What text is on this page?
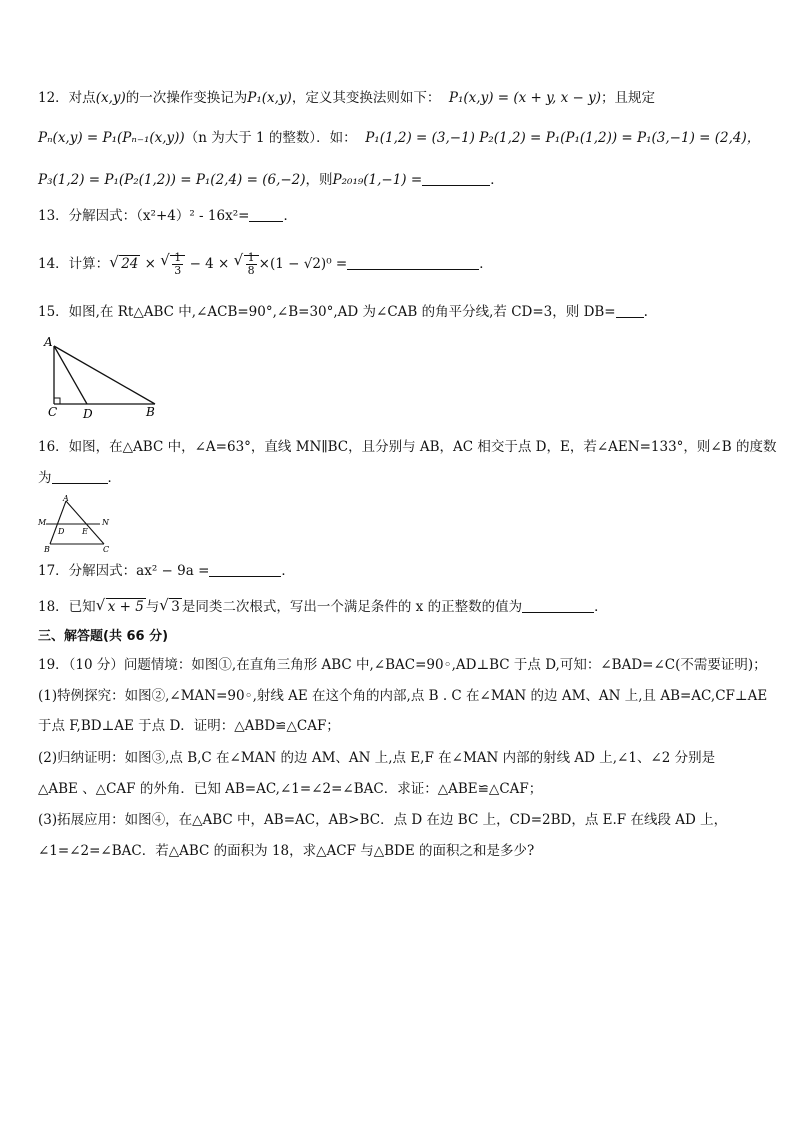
12．对点(x,y)的一次操作变换记为P₁(x,y)，定义其变换法则如下： P₁(x,y) = (x + y, x − y)；且规定
Pₙ(x,y) = P₁(Pₙ₋₁(x,y))（n 为大于 1 的整数）．如： P₁(1,2) = (3,−1) P₂(1,2) = P₁(P₁(1,2)) = P₁(3,−1) = (2,4)，
P₃(1,2) = P₁(P₂(1,2)) = P₁(2,4) = (6,−2)，则P₂₀₁₉(1,−1) =	．
13．分解因式：（x²+4）² - 16x²=	．
14．计算： √ 24 × √ $\frac{1}{3} - 4$ × √ $\frac{1}{8} \times(1 - √2)^0$ =	．
15．如图,在 Rt△ABC 中,∠ACB=90°,∠B=30°,AD 为∠CAB 的角平分线,若 CD=3，则 DB= .
A
C D	B
16．如图，在△ABC 中，∠A=63°，直线 MN∥BC，且分别与 AB，AC 相交于点 D，E，若∠AEN=133°，则∠B 的度数
为	．
A
M	N
D E
B	C
17．分解因式：ax² − 9a =	．
18．已知 √ x + 5 与 √ 3 是同类二次根式，写出一个满足条件的 x 的正整数的值为	．
三、解答题(共 66 分)
19．（10 分）问题情境：如图①,在直角三角形 ABC 中,∠BAC=90◦,AD⊥BC 于点 D,可知：∠BAD=∠C(不需要证明)；
(1)特例探究：如图②,∠MAN=90◦,射线 AE 在这个角的内部,点 B . C 在∠MAN 的边 AM、AN 上,且 AB=AC,CF⊥AE
于点 F,BD⊥AE 于点 D．证明：△ABD≌△CAF；
(2)归纳证明：如图③,点 B,C 在∠MAN 的边 AM、AN 上,点 E,F 在∠MAN 内部的射线 AD 上,∠1、∠2 分别是
△ABE 、△CAF 的外角．已知 AB=AC,∠1=∠2=∠BAC．求证：△ABE≌△CAF；
(3)拓展应用：如图④，在△ABC 中，AB=AC，AB>BC．点 D 在边 BC 上，CD=2BD，点 E.F 在线段 AD 上，
∠1=∠2=∠BAC．若△ABC 的面积为 18，求△ACF 与△BDE 的面积之和是多少?
